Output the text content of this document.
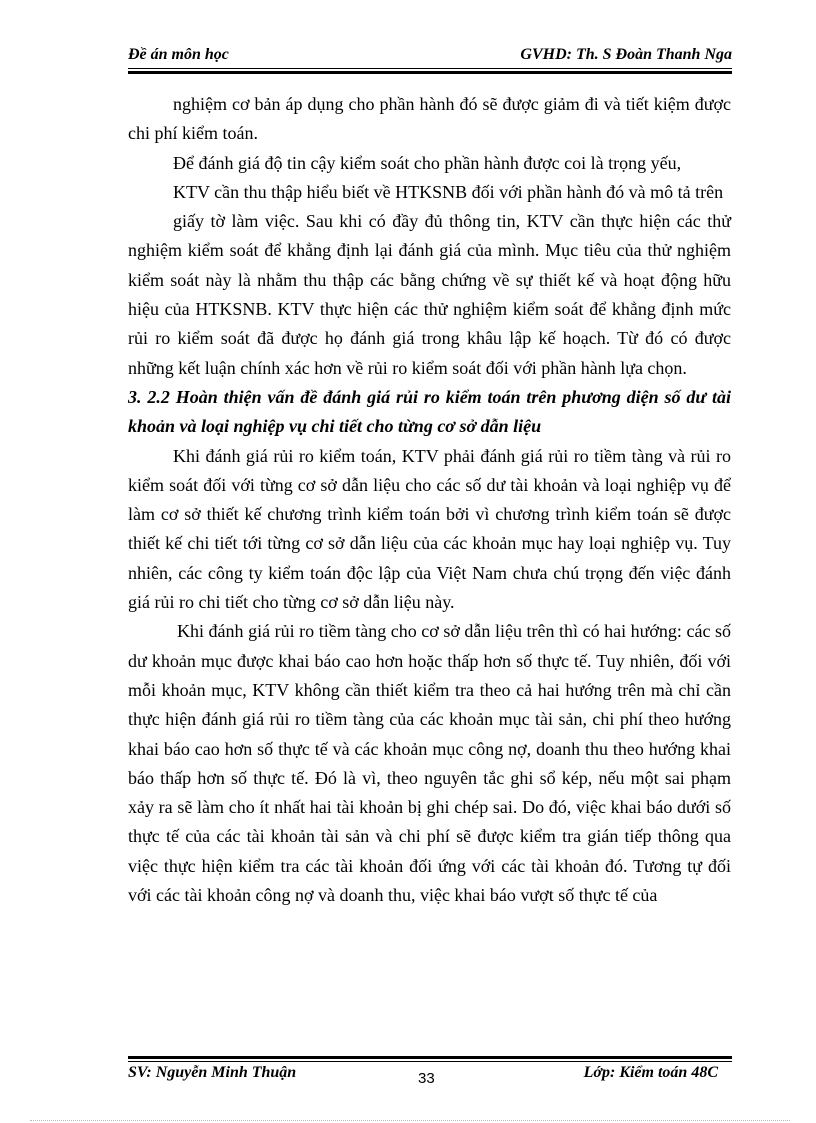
Đề án môn học	GVHD: Th. S Đoàn Thanh Nga

nghiệm cơ bản áp dụng cho phần hành đó sẽ được giảm đi và tiết kiệm được chi phí kiểm toán.

Để đánh giá độ tin cậy kiểm soát cho phần hành được coi là trọng yếu,

KTV cần thu thập hiểu biết về HTKSNB đối với phần hành đó và mô tả trên

giấy tờ làm việc. Sau khi có đầy đủ thông tin, KTV cần thực hiện các thử nghiệm kiểm soát để khẳng định lại đánh giá của mình. Mục tiêu của thử nghiệm kiểm soát này là nhằm thu thập các bằng chứng về sự thiết kế và hoạt động hữu hiệu của HTKSNB. KTV thực hiện các thử nghiệm kiểm soát để khẳng định mức rủi ro kiểm soát đã được họ đánh giá trong khâu lập kế hoạch. Từ đó có được những kết luận chính xác hơn về rủi ro kiểm soát đối với phần hành lựa chọn.

3. 2.2 Hoàn thiện vấn đề đánh giá rủi ro kiểm toán trên phương diện số dư tài khoản và loại nghiệp vụ chi tiết cho từng cơ sở dẫn liệu

Khi đánh giá rủi ro kiểm toán, KTV phải đánh giá rủi ro tiềm tàng và rủi ro kiểm soát đối với từng cơ sở dẫn liệu cho các số dư tài khoản và loại nghiệp vụ để làm cơ sở thiết kế chương trình kiểm toán bởi vì chương trình kiểm toán sẽ được thiết kế chi tiết tới từng cơ sở dẫn liệu của các khoản mục hay loại nghiệp vụ. Tuy nhiên, các công ty kiểm toán độc lập của Việt Nam chưa chú trọng đến việc đánh giá rủi ro chi tiết cho từng cơ sở dẫn liệu này.

Khi đánh giá rủi ro tiềm tàng cho cơ sở dẫn liệu trên thì có hai hướng: các số dư khoản mục được khai báo cao hơn hoặc thấp hơn số thực tế. Tuy nhiên, đối với mỗi khoản mục, KTV không cần thiết kiểm tra theo cả hai hướng trên mà chỉ cần thực hiện đánh giá rủi ro tiềm tàng của các khoản mục tài sản, chi phí theo hướng khai báo cao hơn số thực tế và các khoản mục công nợ, doanh thu theo hướng khai báo thấp hơn số thực tế. Đó là vì, theo nguyên tắc ghi sổ kép, nếu một sai phạm xảy ra sẽ làm cho ít nhất hai tài khoản bị ghi chép sai. Do đó, việc khai báo dưới số thực tế của các tài khoản tài sản và chi phí sẽ được kiểm tra gián tiếp thông qua việc thực hiện kiểm tra các tài khoản đối ứng với các tài khoản đó. Tương tự đối với các tài khoản công nợ và doanh thu, việc khai báo vượt số thực tế của

SV: Nguyễn Minh Thuận	33	Lớp: Kiểm toán 48C
